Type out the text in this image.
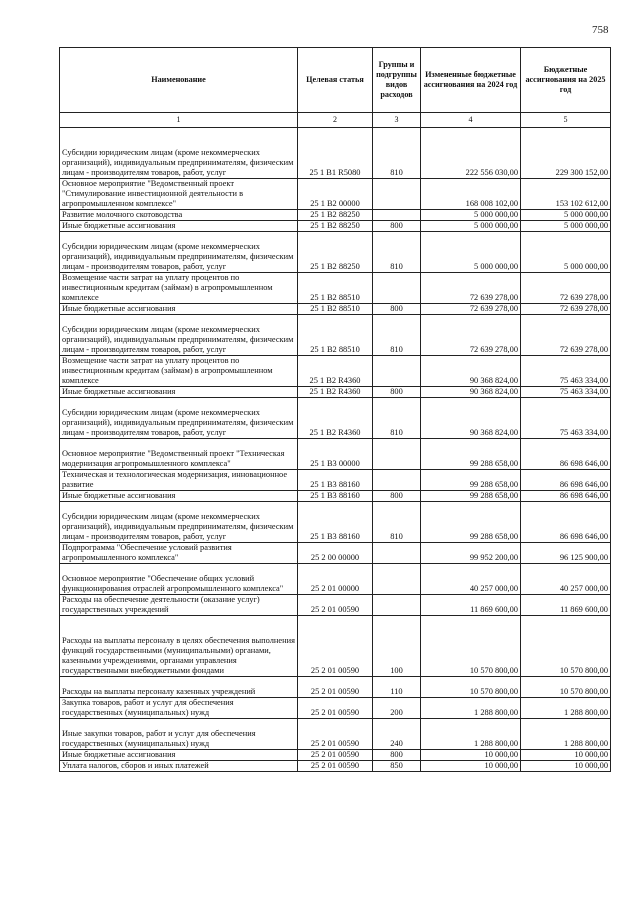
758
Наименование	Целевая статья	Группы и подгруппы видов расходов	Измененные бюджетные ассигнования на 2024 год	Бюджетные ассигнования на 2025 год
1	2	3	4	5
Субсидии юридическим лицам (кроме некоммерческих организаций), индивидуальным предпринимателям, физическим лицам - производителям товаров, работ, услуг	25 1 B1 R5080	810	222 556 030,00	229 300 152,00
Основное мероприятие "Ведомственный проект "Стимулирование инвестиционной деятельности в агропромышленном комплексе"	25 1 B2 00000		168 008 102,00	153 102 612,00
Развитие молочного скотоводства	25 1 B2 88250		5 000 000,00	5 000 000,00
Иные бюджетные ассигнования	25 1 B2 88250	800	5 000 000,00	5 000 000,00
Субсидии юридическим лицам (кроме некоммерческих организаций), индивидуальным предпринимателям, физическим лицам - производителям товаров, работ, услуг	25 1 B2 88250	810	5 000 000,00	5 000 000,00
Возмещение части затрат на уплату процентов по инвестиционным кредитам (займам) в агропромышленном комплексе	25 1 B2 88510		72 639 278,00	72 639 278,00
Иные бюджетные ассигнования	25 1 B2 88510	800	72 639 278,00	72 639 278,00
Субсидии юридическим лицам (кроме некоммерческих организаций), индивидуальным предпринимателям, физическим лицам - производителям товаров, работ, услуг	25 1 B2 88510	810	72 639 278,00	72 639 278,00
Возмещение части затрат на уплату процентов по инвестиционным кредитам (займам) в агропромышленном комплексе	25 1 B2 R4360		90 368 824,00	75 463 334,00
Иные бюджетные ассигнования	25 1 B2 R4360	800	90 368 824,00	75 463 334,00
Субсидии юридическим лицам (кроме некоммерческих организаций), индивидуальным предпринимателям, физическим лицам - производителям товаров, работ, услуг	25 1 B2 R4360	810	90 368 824,00	75 463 334,00
Основное мероприятие "Ведомственный проект "Техническая модернизация агропромышленного комплекса"	25 1 B3 00000		99 288 658,00	86 698 646,00
Техническая и технологическая модернизация, инновационное развитие	25 1 B3 88160		99 288 658,00	86 698 646,00
Иные бюджетные ассигнования	25 1 B3 88160	800	99 288 658,00	86 698 646,00
Субсидии юридическим лицам (кроме некоммерческих организаций), индивидуальным предпринимателям, физическим лицам - производителям товаров, работ, услуг	25 1 B3 88160	810	99 288 658,00	86 698 646,00
Подпрограмма "Обеспечение условий развития агропромышленного комплекса"	25 2 00 00000		99 952 200,00	96 125 900,00
Основное мероприятие "Обеспечение общих условий функционирования отраслей агропромышленного комплекса"	25 2 01 00000		40 257 000,00	40 257 000,00
Расходы на обеспечение деятельности (оказание услуг) государственных учреждений	25 2 01 00590		11 869 600,00	11 869 600,00
Расходы на выплаты персоналу в целях обеспечения выполнения функций государственными (муниципальными) органами, казенными учреждениями, органами управления государственными внебюджетными фондами	25 2 01 00590	100	10 570 800,00	10 570 800,00
Расходы на выплаты персоналу казенных учреждений	25 2 01 00590	110	10 570 800,00	10 570 800,00
Закупка товаров, работ и услуг для обеспечения государственных (муниципальных) нужд	25 2 01 00590	200	1 288 800,00	1 288 800,00
Иные закупки товаров, работ и услуг для обеспечения государственных (муниципальных) нужд	25 2 01 00590	240	1 288 800,00	1 288 800,00
Иные бюджетные ассигнования	25 2 01 00590	800	10 000,00	10 000,00
Уплата налогов, сборов и иных платежей	25 2 01 00590	850	10 000,00	10 000,00
